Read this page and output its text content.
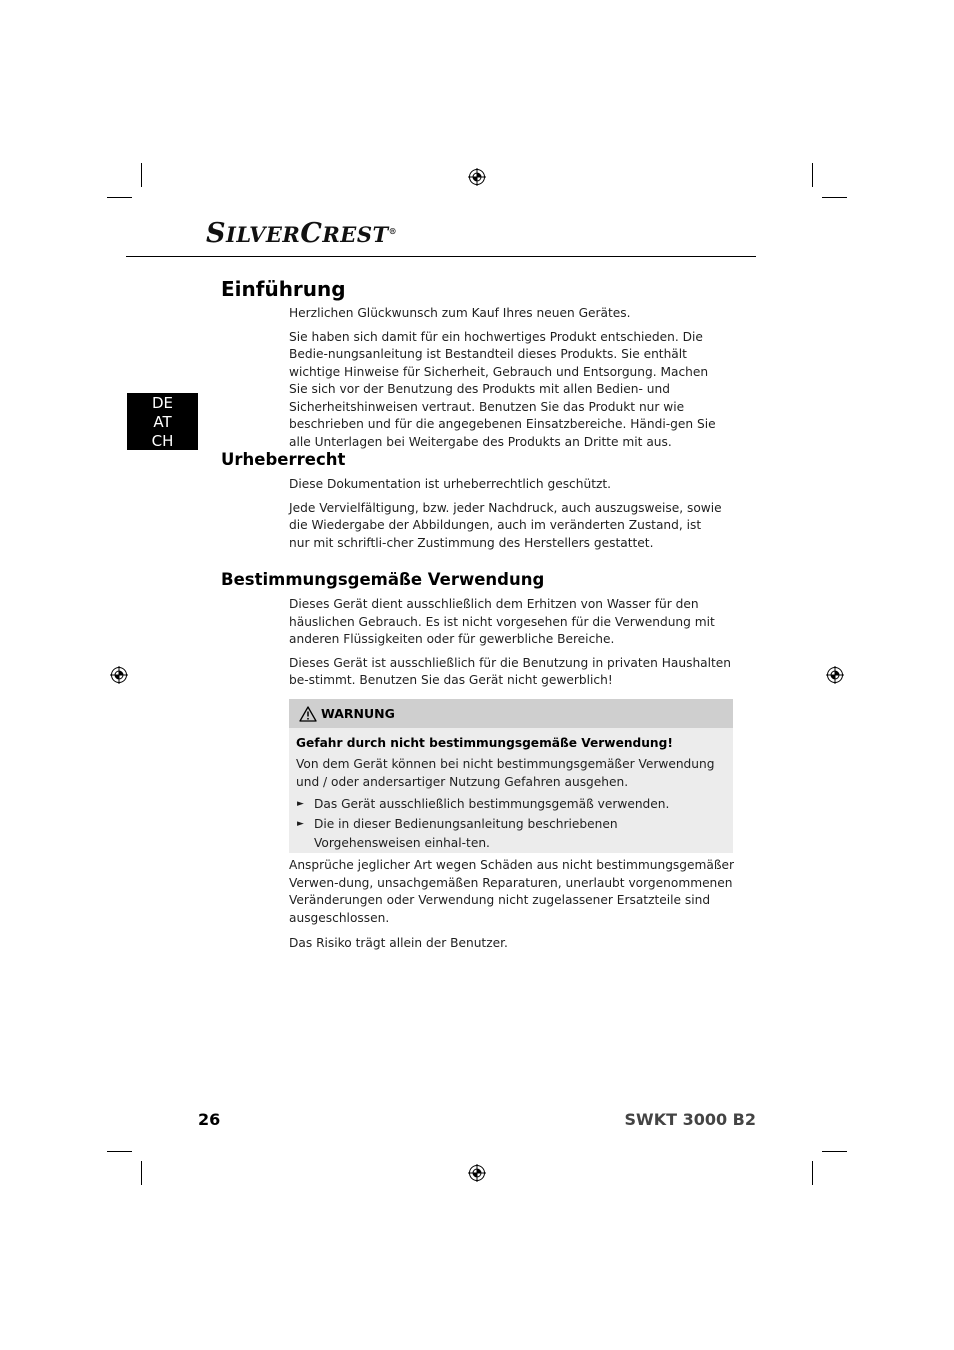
SILVERCREST®
DE
AT
CH
Einführung

Herzlichen Glückwunsch zum Kauf Ihres neuen Gerätes.

Sie haben sich damit für ein hochwertiges Produkt entschieden. Die Bedie-nungsanleitung ist Bestandteil dieses Produkts. Sie enthält wichtige Hinweise für Sicherheit, Gebrauch und Entsorgung. Machen Sie sich vor der Benutzung des Produkts mit allen Bedien- und Sicherheitshinweisen vertraut. Benutzen Sie das Produkt nur wie beschrieben und für die angegebenen Einsatzbereiche. Händi-gen Sie alle Unterlagen bei Weitergabe des Produkts an Dritte mit aus.

Urheberrecht

Diese Dokumentation ist urheberrechtlich geschützt.

Jede Vervielfältigung, bzw. jeder Nachdruck, auch auszugsweise, sowie die Wiedergabe der Abbildungen, auch im veränderten Zustand, ist nur mit schriftli-cher Zustimmung des Herstellers gestattet.

Bestimmungsgemäße Verwendung

Dieses Gerät dient ausschließlich dem Erhitzen von Wasser für den häuslichen Gebrauch. Es ist nicht vorgesehen für die Verwendung mit anderen Flüssigkeiten oder für gewerbliche Bereiche.

Dieses Gerät ist ausschließlich für die Benutzung in privaten Haushalten be-stimmt. Benutzen Sie das Gerät nicht gewerblich!

WARNUNG
Gefahr durch nicht bestimmungsgemäße Verwendung!
Von dem Gerät können bei nicht bestimmungsgemäßer Verwendung und / oder andersartiger Nutzung Gefahren ausgehen.
► Das Gerät ausschließlich bestimmungsgemäß verwenden.
► Die in dieser Bedienungsanleitung beschriebenen Vorgehensweisen einhal-ten.

Ansprüche jeglicher Art wegen Schäden aus nicht bestimmungsgemäßer Verwen-dung, unsachgemäßen Reparaturen, unerlaubt vorgenommenen Veränderungen oder Verwendung nicht zugelassener Ersatzteile sind ausgeschlossen.

Das Risiko trägt allein der Benutzer.

26	SWKT 3000 B2
